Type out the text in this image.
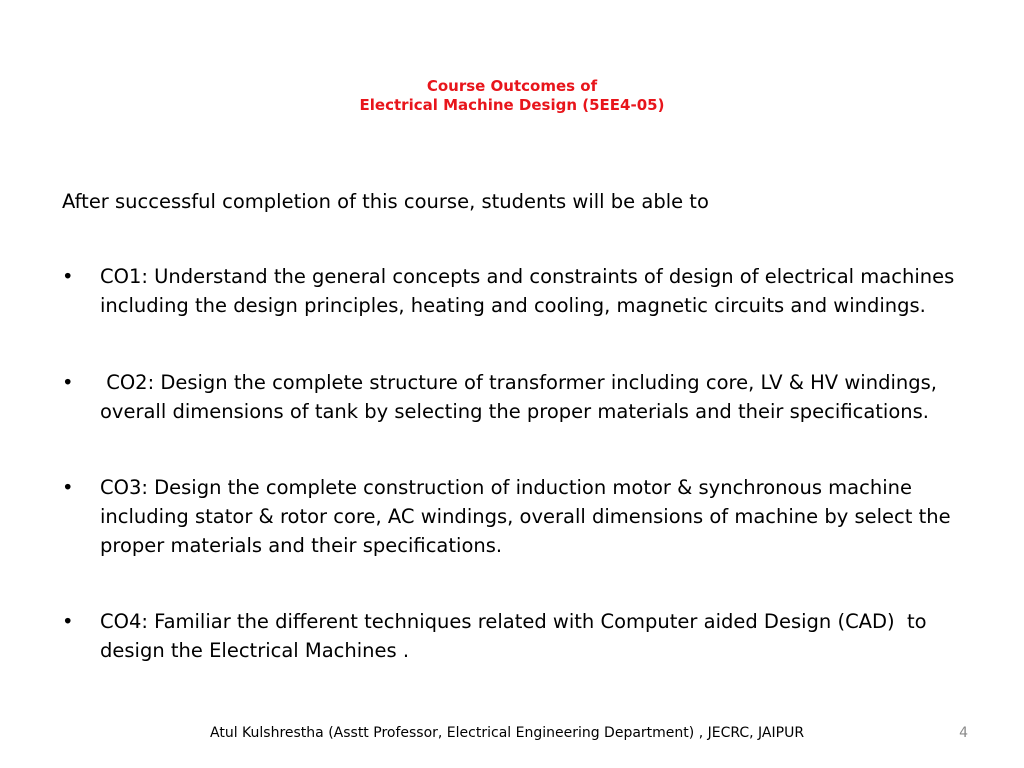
Course Outcomes of
Electrical Machine Design (5EE4-05)
After successful completion of this course, students will be able to
• CO1: Understand the general concepts and constraints of design of electrical machines
including the design principles, heating and cooling, magnetic circuits and windings.
• CO2: Design the complete structure of transformer including core, LV & HV windings,
overall dimensions of tank by selecting the proper materials and their specifications.
• CO3: Design the complete construction of induction motor & synchronous machine
including stator & rotor core, AC windings, overall dimensions of machine by select the
proper materials and their specifications.
• CO4: Familiar the different techniques related with Computer aided Design (CAD)  to
design the Electrical Machines .
Atul Kulshrestha (Asstt Professor, Electrical Engineering Department) , JECRC, JAIPUR	4
